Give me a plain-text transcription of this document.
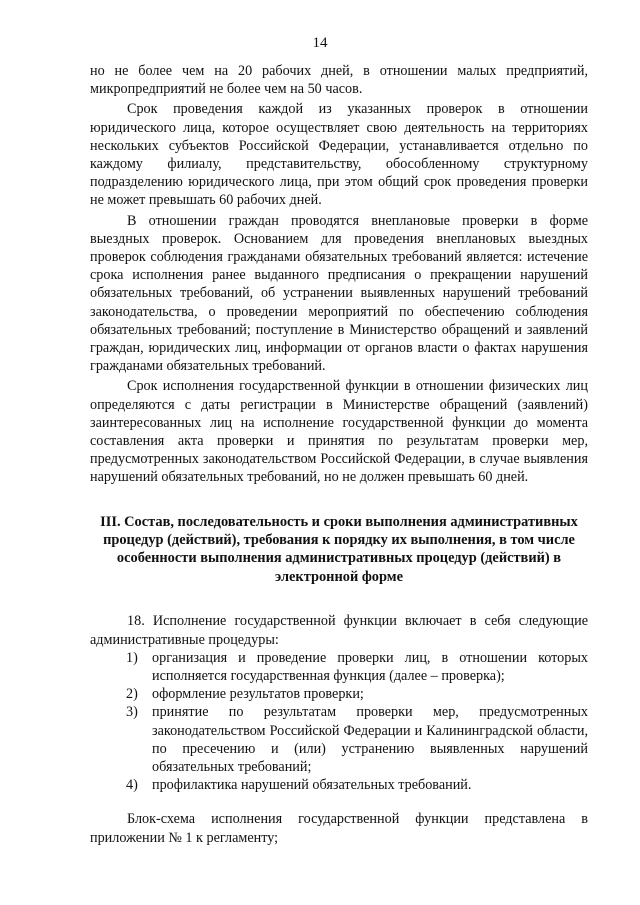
14

но не более чем на 20 рабочих дней, в отношении малых предприятий, микропредприятий не более чем на 50 часов.

Срок проведения каждой из указанных проверок в отношении юридического лица, которое осуществляет свою деятельность на территориях нескольких субъектов Российской Федерации, устанавливается отдельно по каждому филиалу, представительству, обособленному структурному подразделению юридического лица, при этом общий срок проведения проверки не может превышать 60 рабочих дней.

В отношении граждан проводятся внеплановые проверки в форме выездных проверок. Основанием для проведения внеплановых выездных проверок соблюдения гражданами обязательных требований является: истечение срока исполнения ранее выданного предписания о прекращении нарушений обязательных требований, об устранении выявленных нарушений требований законодательства, о проведении мероприятий по обеспечению соблюдения обязательных требований; поступление в Министерство обращений и заявлений граждан, юридических лиц, информации от органов власти о фактах нарушения гражданами обязательных требований.

Срок исполнения государственной функции в отношении физических лиц определяются с даты регистрации в Министерстве обращений (заявлений) заинтересованных лиц на исполнение государственной функции до момента составления акта проверки и принятия по результатам проверки мер, предусмотренных законодательством Российской Федерации, в случае выявления нарушений обязательных требований, но не должен превышать 60 дней.

III. Состав, последовательность и сроки выполнения административных процедур (действий), требования к порядку их выполнения, в том числе особенности выполнения административных процедур (действий) в электронной форме

18. Исполнение государственной функции включает в себя следующие административные процедуры:

1) организация и проведение проверки лиц, в отношении которых исполняется государственная функция (далее – проверка);
2) оформление результатов проверки;
3) принятие по результатам проверки мер, предусмотренных законодательством Российской Федерации и Калининградской области, по пресечению и (или) устранению выявленных нарушений обязательных требований;
4) профилактика нарушений обязательных требований.

Блок-схема исполнения государственной функции представлена в приложении № 1 к регламенту;
